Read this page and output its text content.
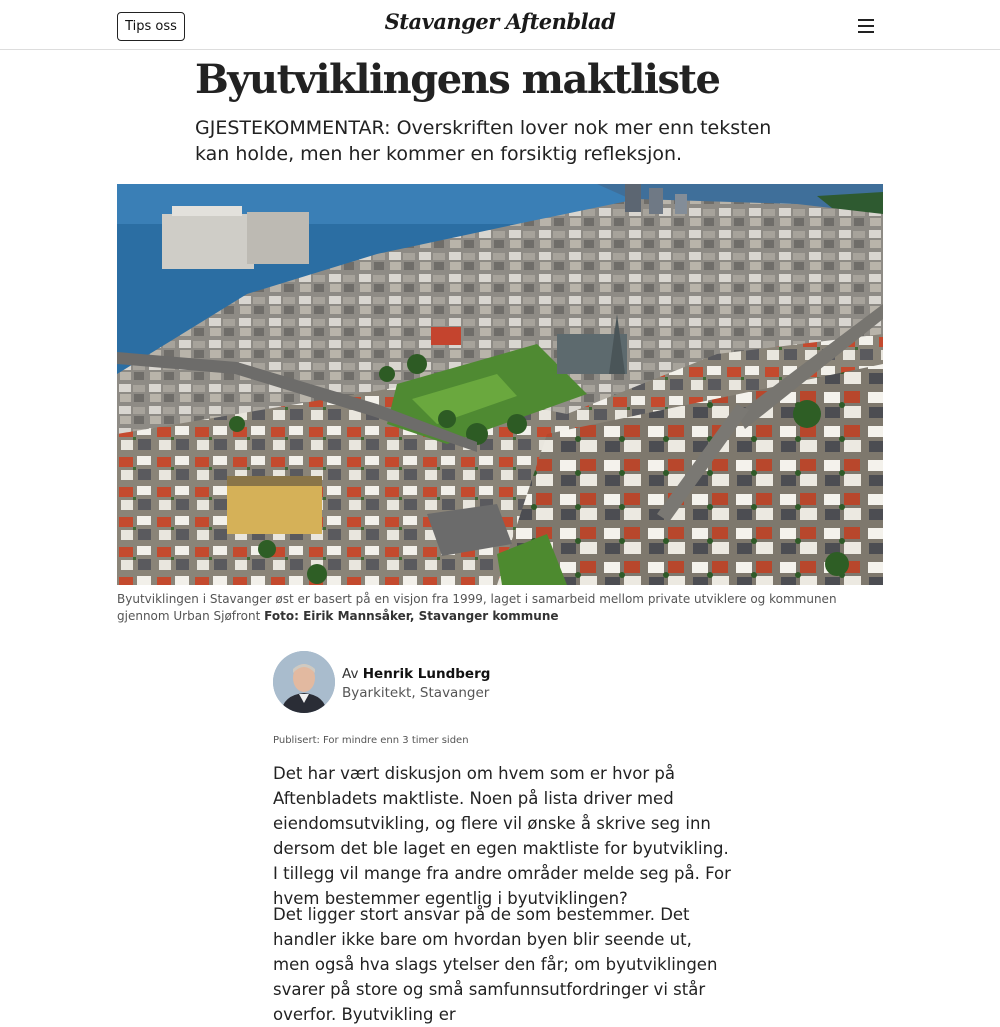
Tips oss	Stavanger Aftenblad
Byutviklingens maktliste

GJESTEKOMMENTAR: Overskriften lover nok mer enn teksten kan holde, men her kommer en forsiktig refleksjon.

Byutviklingen i Stavanger øst er basert på en visjon fra 1999, laget i samarbeid mellom private utviklere og kommunen gjennom Urban Sjøfront Foto: Eirik Mannsåker, Stavanger kommune

Av Henrik Lundberg
Byarkitekt, Stavanger
Publisert: For mindre enn 3 timer siden

Det har vært diskusjon om hvem som er hvor på Aftenbladets maktliste. Noen på lista driver med eiendomsutvikling, og flere vil ønske å skrive seg inn dersom det ble laget en egen maktliste for byutvikling. I tillegg vil mange fra andre områder melde seg på. For hvem bestemmer egentlig i byutviklingen?

Det ligger stort ansvar på de som bestemmer. Det handler ikke bare om hvordan byen blir seende ut, men også hva slags ytelser den får; om byutviklingen svarer på store og små samfunnsutfordringer vi står overfor. Byutvikling er
